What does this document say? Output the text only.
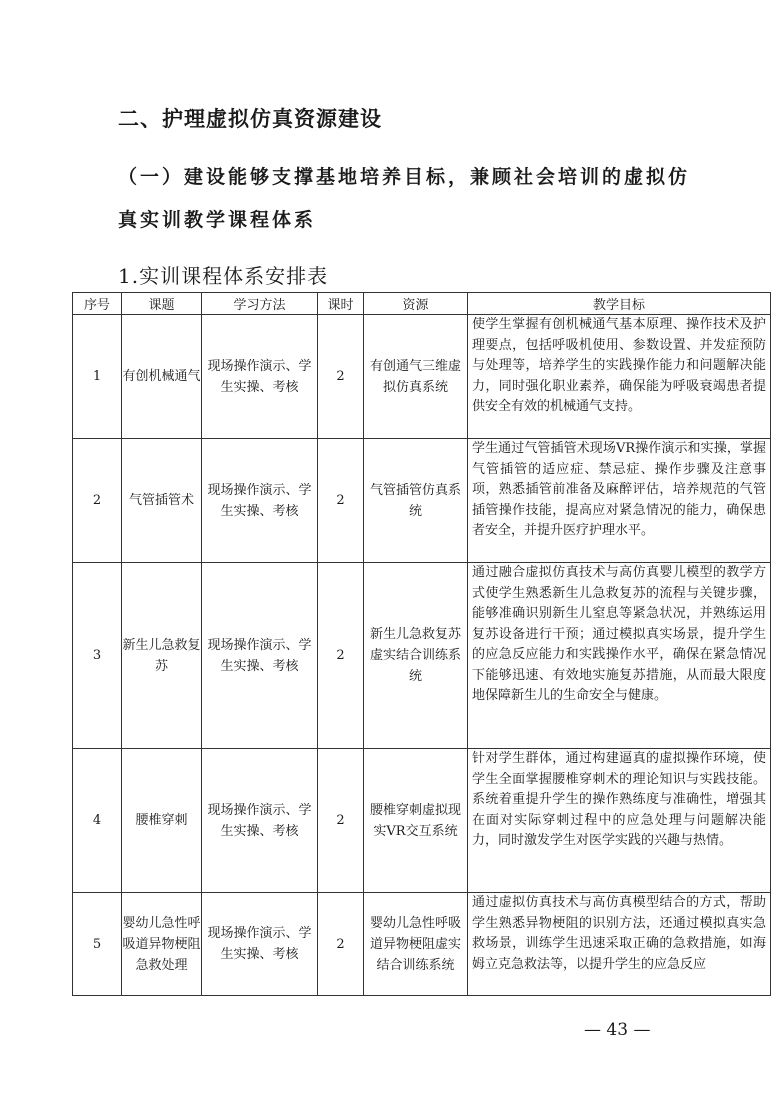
二、护理虚拟仿真资源建设
（一）建设能够支撑基地培养目标，兼顾社会培训的虚拟仿
真实训教学课程体系
1.实训课程体系安排表
序号	课题	学习方法	课时	资源	教学目标
1	有创机械通气	现场操作演示、学生实操、考核	2	有创通气三维虚拟仿真系统	使学生掌握有创机械通气基本原理、操作技术及护理要点，包括呼吸机使用、参数设置、并发症预防与处理等，培养学生的实践操作能力和问题解决能力，同时强化职业素养，确保能为呼吸衰竭患者提供安全有效的机械通气支持。
2	气管插管术	现场操作演示、学生实操、考核	2	气管插管仿真系统	学生通过气管插管术现场VR操作演示和实操，掌握气管插管的适应症、禁忌症、操作步骤及注意事项，熟悉插管前准备及麻醉评估，培养规范的气管插管操作技能，提高应对紧急情况的能力，确保患者安全，并提升医疗护理水平。
3	新生儿急救复苏	现场操作演示、学生实操、考核	2	新生儿急救复苏虚实结合训练系统	通过融合虚拟仿真技术与高仿真婴儿模型的教学方式使学生熟悉新生儿急救复苏的流程与关键步骤，能够准确识别新生儿窒息等紧急状况，并熟练运用复苏设备进行干预；通过模拟真实场景，提升学生的应急反应能力和实践操作水平，确保在紧急情况下能够迅速、有效地实施复苏措施，从而最大限度地保障新生儿的生命安全与健康。
4	腰椎穿刺	现场操作演示、学生实操、考核	2	腰椎穿刺虚拟现实VR交互系统	针对学生群体，通过构建逼真的虚拟操作环境，使学生全面掌握腰椎穿刺术的理论知识与实践技能。系统着重提升学生的操作熟练度与准确性，增强其在面对实际穿刺过程中的应急处理与问题解决能力，同时激发学生对医学实践的兴趣与热情。
5	婴幼儿急性呼吸道异物梗阻急救处理	现场操作演示、学生实操、考核	2	婴幼儿急性呼吸道异物梗阻虚实结合训练系统	通过虚拟仿真技术与高仿真模型结合的方式，帮助学生熟悉异物梗阻的识别方法，还通过模拟真实急救场景，训练学生迅速采取正确的急救措施，如海姆立克急救法等，以提升学生的应急反应
— 43 —
